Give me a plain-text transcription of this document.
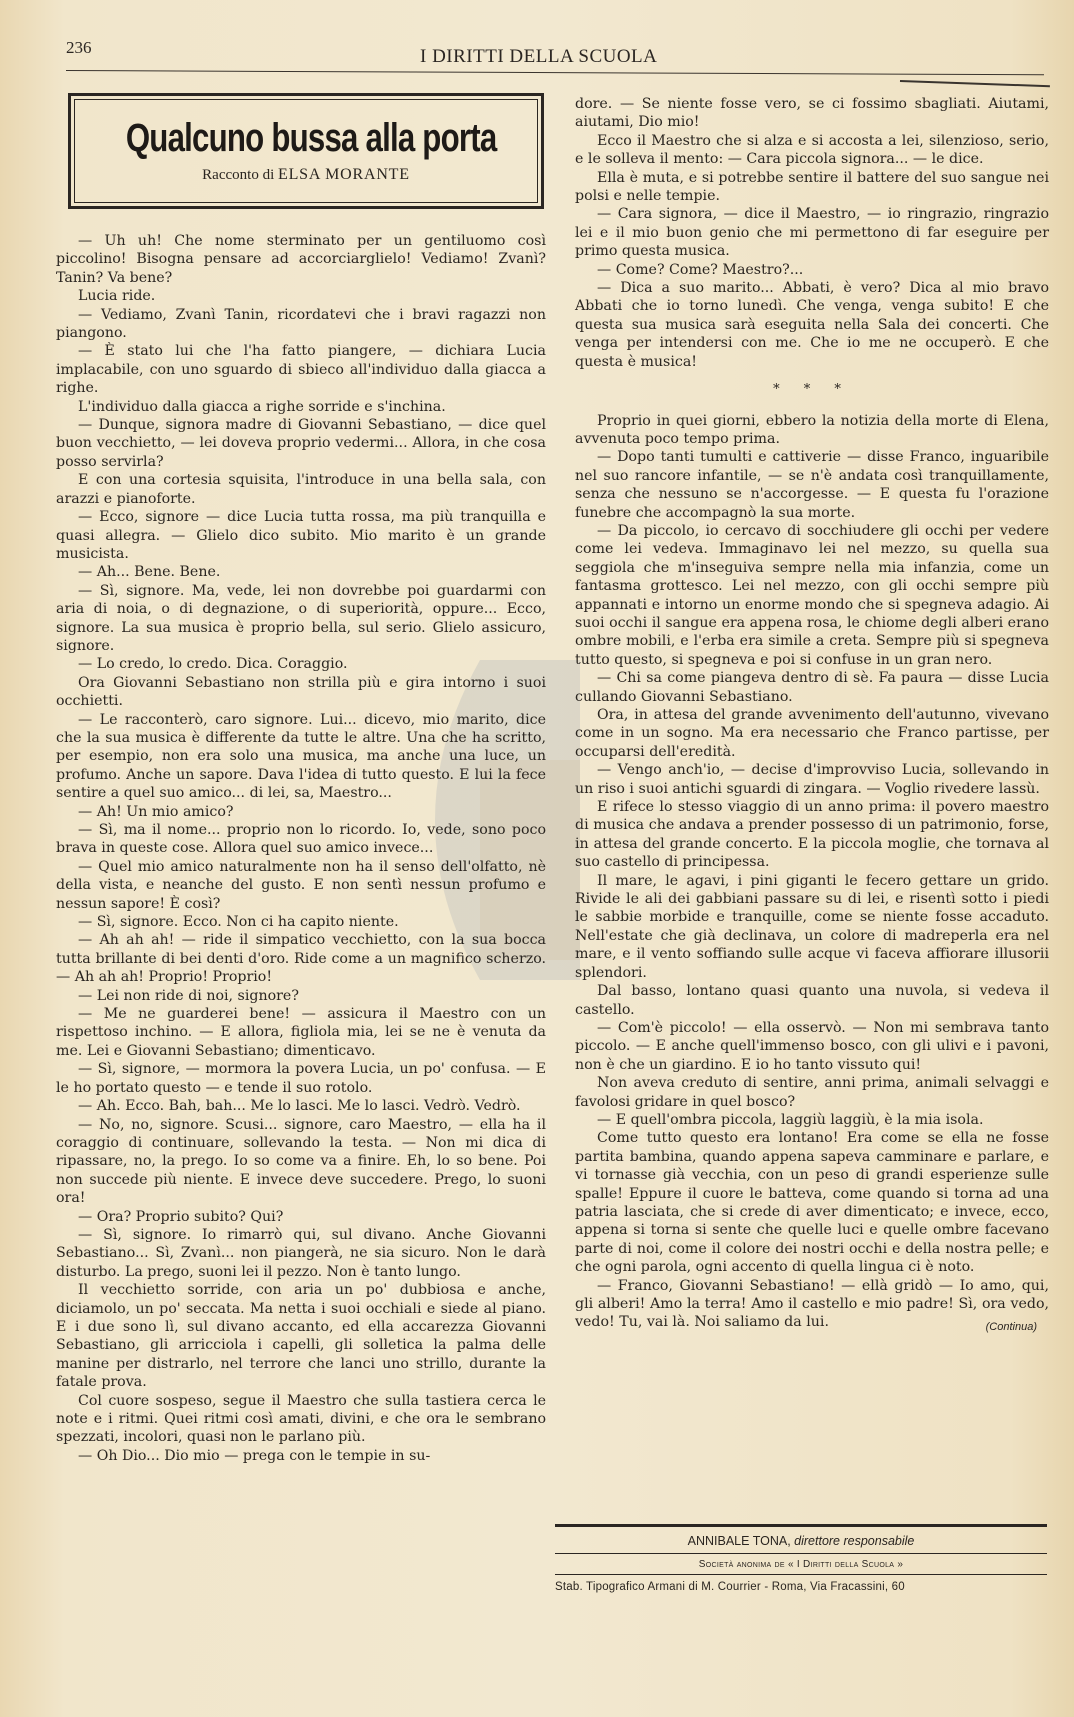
236	I DIRITTI DELLA SCUOLA
Qualcuno bussa alla porta
Racconto di ELSA MORANTE

— Uh uh! Che nome sterminato per un gentiluomo così piccolino! Bisogna pensare ad accorciarglielo! Vediamo! Zvanì? Tanin? Va bene?

Lucia ride.

— Vediamo, Zvanì Tanin, ricordatevi che i bravi ragazzi non piangono.

— È stato lui che l'ha fatto piangere, — dichiara Lucia implacabile, con uno sguardo di sbieco all'individuo dalla giacca a righe.

L'individuo dalla giacca a righe sorride e s'inchina.

— Dunque, signora madre di Giovanni Sebastiano, — dice quel buon vecchietto, — lei doveva proprio vedermi... Allora, in che cosa posso servirla?

E con una cortesia squisita, l'introduce in una bella sala, con arazzi e pianoforte.

— Ecco, signore — dice Lucia tutta rossa, ma più tranquilla e quasi allegra. — Glielo dico subito. Mio marito è un grande musicista.

— Ah... Bene. Bene.

— Sì, signore. Ma, vede, lei non dovrebbe poi guardarmi con aria di noia, o di degnazione, o di superiorità, oppure... Ecco, signore. La sua musica è proprio bella, sul serio. Glielo assicuro, signore.

— Lo credo, lo credo. Dica. Coraggio.

Ora Giovanni Sebastiano non strilla più e gira intorno i suoi occhietti.

— Le racconterò, caro signore. Lui... dicevo, mio marito, dice che la sua musica è differente da tutte le altre. Una che ha scritto, per esempio, non era solo una musica, ma anche una luce, un profumo. Anche un sapore. Dava l'idea di tutto questo. E lui la fece sentire a quel suo amico... di lei, sa, Maestro...

— Ah! Un mio amico?

— Sì, ma il nome... proprio non lo ricordo. Io, vede, sono poco brava in queste cose. Allora quel suo amico invece...

— Quel mio amico naturalmente non ha il senso dell'olfatto, nè della vista, e neanche del gusto. E non sentì nessun profumo e nessun sapore! È così?

— Sì, signore. Ecco. Non ci ha capito niente.

— Ah ah ah! — ride il simpatico vecchietto, con la sua bocca tutta brillante di bei denti d'oro. Ride come a un magnifico scherzo. — Ah ah ah! Proprio! Proprio!

— Lei non ride di noi, signore?

— Me ne guarderei bene! — assicura il Maestro con un rispettoso inchino. — E allora, figliola mia, lei se ne è venuta da me. Lei e Giovanni Sebastiano; dimenticavo.

— Sì, signore, — mormora la povera Lucia, un po' confusa. — E le ho portato questo — e tende il suo rotolo.

— Ah. Ecco. Bah, bah... Me lo lasci. Me lo lasci. Vedrò. Vedrò.

— No, no, signore. Scusi... signore, caro Maestro, — ella ha il coraggio di continuare, sollevando la testa. — Non mi dica di ripassare, no, la prego. Io so come va a finire. Eh, lo so bene. Poi non succede più niente. E invece deve succedere. Prego, lo suoni ora!

— Ora? Proprio subito? Qui?

— Sì, signore. Io rimarrò qui, sul divano. Anche Giovanni Sebastiano... Sì, Zvanì... non piangerà, ne sia sicuro. Non le darà disturbo. La prego, suoni lei il pezzo. Non è tanto lungo.

Il vecchietto sorride, con aria un po' dubbiosa e anche, diciamolo, un po' seccata. Ma netta i suoi occhiali e siede al piano. E i due sono lì, sul divano accanto, ed ella accarezza Giovanni Sebastiano, gli arricciola i capelli, gli solletica la palma delle manine per distrarlo, nel terrore che lanci uno strillo, durante la fatale prova.

Col cuore sospeso, segue il Maestro che sulla tastiera cerca le note e i ritmi. Quei ritmi così amati, divini, e che ora le sembrano spezzati, incolori, quasi non le parlano più.

— Oh Dio... Dio mio — prega con le tempie in su-

dore. — Se niente fosse vero, se ci fossimo sbagliati. Aiutami, aiutami, Dio mio!

Ecco il Maestro che si alza e si accosta a lei, silenzioso, serio, e le solleva il mento: — Cara piccola signora... — le dice.

Ella è muta, e si potrebbe sentire il battere del suo sangue nei polsi e nelle tempie.

— Cara signora, — dice il Maestro, — io ringrazio, ringrazio lei e il mio buon genio che mi permettono di far eseguire per primo questa musica.

— Come? Come? Maestro?...

— Dica a suo marito... Abbati, è vero? Dica al mio bravo Abbati che io torno lunedì. Che venga, venga subito! E che questa sua musica sarà eseguita nella Sala dei concerti. Che venga per intendersi con me. Che io me ne occuperò. E che questa è musica!

* * *

Proprio in quei giorni, ebbero la notizia della morte di Elena, avvenuta poco tempo prima.

— Dopo tanti tumulti e cattiverie — disse Franco, inguaribile nel suo rancore infantile, — se n'è andata così tranquillamente, senza che nessuno se n'accorgesse. — E questa fu l'orazione funebre che accompagnò la sua morte.

— Da piccolo, io cercavo di socchiudere gli occhi per vedere come lei vedeva. Immaginavo lei nel mezzo, su quella sua seggiola che m'inseguiva sempre nella mia infanzia, come un fantasma grottesco. Lei nel mezzo, con gli occhi sempre più appannati e intorno un enorme mondo che si spegneva adagio. Ai suoi occhi il sangue era appena rosa, le chiome degli alberi erano ombre mobili, e l'erba era simile a creta. Sempre più si spegneva tutto questo, si spegneva e poi si confuse in un gran nero.

— Chi sa come piangeva dentro di sè. Fa paura — disse Lucia cullando Giovanni Sebastiano.

Ora, in attesa del grande avvenimento dell'autunno, vivevano come in un sogno. Ma era necessario che Franco partisse, per occuparsi dell'eredità.

— Vengo anch'io, — decise d'improvviso Lucia, sollevando in un riso i suoi antichi sguardi di zingara. — Voglio rivedere lassù.

E rifece lo stesso viaggio di un anno prima: il povero maestro di musica che andava a prender possesso di un patrimonio, forse, in attesa del grande concerto. E la piccola moglie, che tornava al suo castello di principessa.

Il mare, le agavi, i pini giganti le fecero gettare un grido. Rivide le ali dei gabbiani passare su di lei, e risentì sotto i piedi le sabbie morbide e tranquille, come se niente fosse accaduto. Nell'estate che già declinava, un colore di madreperla era nel mare, e il vento soffiando sulle acque vi faceva affiorare illusorii splendori.

Dal basso, lontano quasi quanto una nuvola, si vedeva il castello.

— Com'è piccolo! — ella osservò. — Non mi sembrava tanto piccolo. — E anche quell'immenso bosco, con gli ulivi e i pavoni, non è che un giardino. E io ho tanto vissuto qui!

Non aveva creduto di sentire, anni prima, animali selvaggi e favolosi gridare in quel bosco?

— E quell'ombra piccola, laggiù laggiù, è la mia isola.

Come tutto questo era lontano! Era come se ella ne fosse partita bambina, quando appena sapeva camminare e parlare, e vi tornasse già vecchia, con un peso di grandi esperienze sulle spalle! Eppure il cuore le batteva, come quando si torna ad una patria lasciata, che si crede di aver dimenticato; e invece, ecco, appena si torna si sente che quelle luci e quelle ombre facevano parte di noi, come il colore dei nostri occhi e della nostra pelle; e che ogni parola, ogni accento di quella lingua ci è noto.

— Franco, Giovanni Sebastiano! — ellà gridò — Io amo, qui, gli alberi! Amo la terra! Amo il castello e mio padre! Sì, ora vedo, vedo! Tu, vai là. Noi saliamo da lui.	(Continua)
ANNIBALE TONA, direttore responsabile
Società anonima de « I Diritti della Scuola »
Stab. Tipografico Armani di M. Courrier - Roma, Via Fracassini, 60
